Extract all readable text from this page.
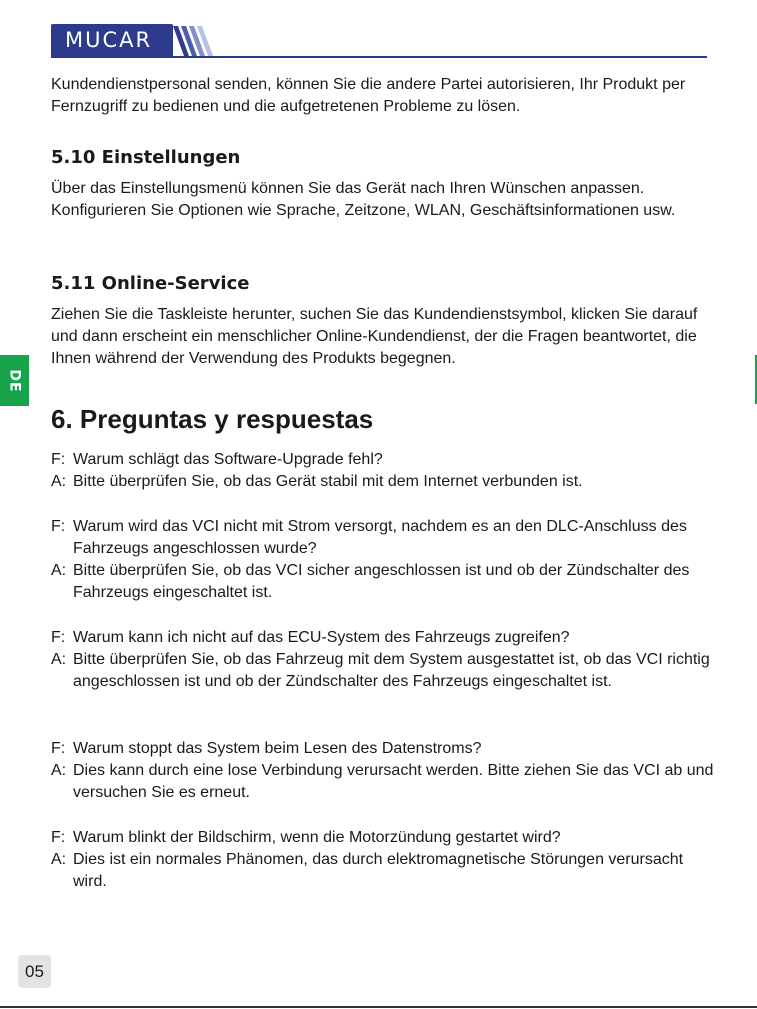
MUCAR
Kundendienstpersonal senden, können Sie die andere Partei autorisieren, Ihr Produkt per Fernzugriff zu bedienen und die aufgetretenen Probleme zu lösen.
5.10 Einstellungen
Über das Einstellungsmenü können Sie das Gerät nach Ihren Wünschen anpassen. Konfigurieren Sie Optionen wie Sprache, Zeitzone, WLAN, Geschäftsinformationen usw.
5.11 Online-Service
Ziehen Sie die Taskleiste herunter, suchen Sie das Kundendienstsymbol, klicken Sie darauf und dann erscheint ein menschlicher Online-Kundendienst, der die Fragen beantwortet, die Ihnen während der Verwendung des Produkts begegnen.
6. Preguntas y respuestas
F: Warum schlägt das Software-Upgrade fehl?
A: Bitte überprüfen Sie, ob das Gerät stabil mit dem Internet verbunden ist.
F: Warum wird das VCI nicht mit Strom versorgt, nachdem es an den DLC-Anschluss des Fahrzeugs angeschlossen wurde?
A: Bitte überprüfen Sie, ob das VCI sicher angeschlossen ist und ob der Zündschalter des Fahrzeugs eingeschaltet ist.
F: Warum kann ich nicht auf das ECU-System des Fahrzeugs zugreifen?
A: Bitte überprüfen Sie, ob das Fahrzeug mit dem System ausgestattet ist, ob das VCI richtig angeschlossen ist und ob der Zündschalter des Fahrzeugs eingeschaltet ist.
F: Warum stoppt das System beim Lesen des Datenstroms?
A: Dies kann durch eine lose Verbindung verursacht werden. Bitte ziehen Sie das VCI ab und versuchen Sie es erneut.
F: Warum blinkt der Bildschirm, wenn die Motorzündung gestartet wird?
A: Dies ist ein normales Phänomen, das durch elektromagnetische Störungen verursacht wird.
DE
05
